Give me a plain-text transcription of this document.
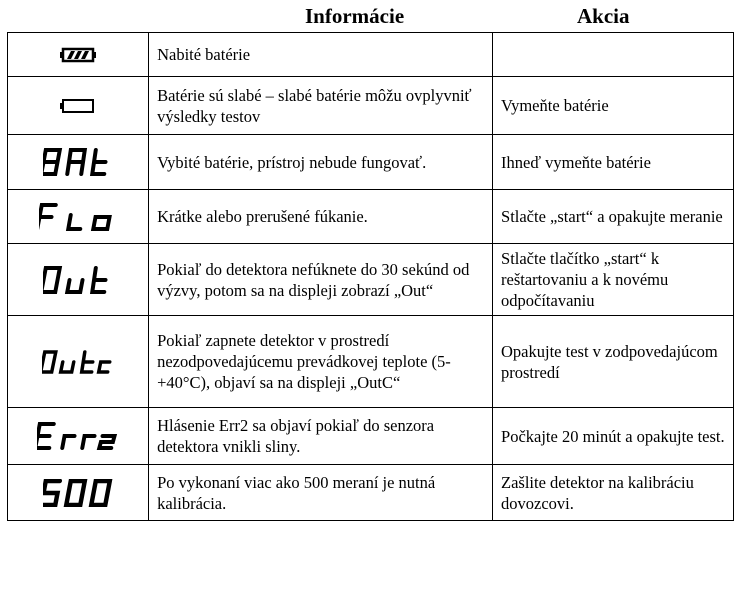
Informácie	Akcia
	Nabité batérie	

	Batérie sú slabé – slabé batérie môžu ovplyvniť výsledky testov	Vymeňte batérie

	Vybité batérie, prístroj nebude fungovať.	Ihneď vymeňte batérie

	Krátke alebo prerušené fúkanie.	Stlačte „start“ a opakujte meranie

	Pokiaľ do detektora nefúknete do 30 sekúnd od výzvy, potom sa na displeji zobrazí „Out“	Stlačte tlačítko „start“ k reštartovaniu a k novému odpočítavaniu

	Pokiaľ zapnete detektor v prostredí nezodpovedajúcemu prevádkovej teplote (5-+40°C), objaví sa na displeji „OutC“	Opakujte test v zodpovedajúcom prostredí

	Hlásenie Err2 sa objaví pokiaľ do senzora detektora vnikli sliny.	Počkajte 20 minút a opakujte test.

	Po vykonaní viac ako 500 meraní je nutná kalibrácia.	Zašlite detektor na kalibráciu dovozcovi.
